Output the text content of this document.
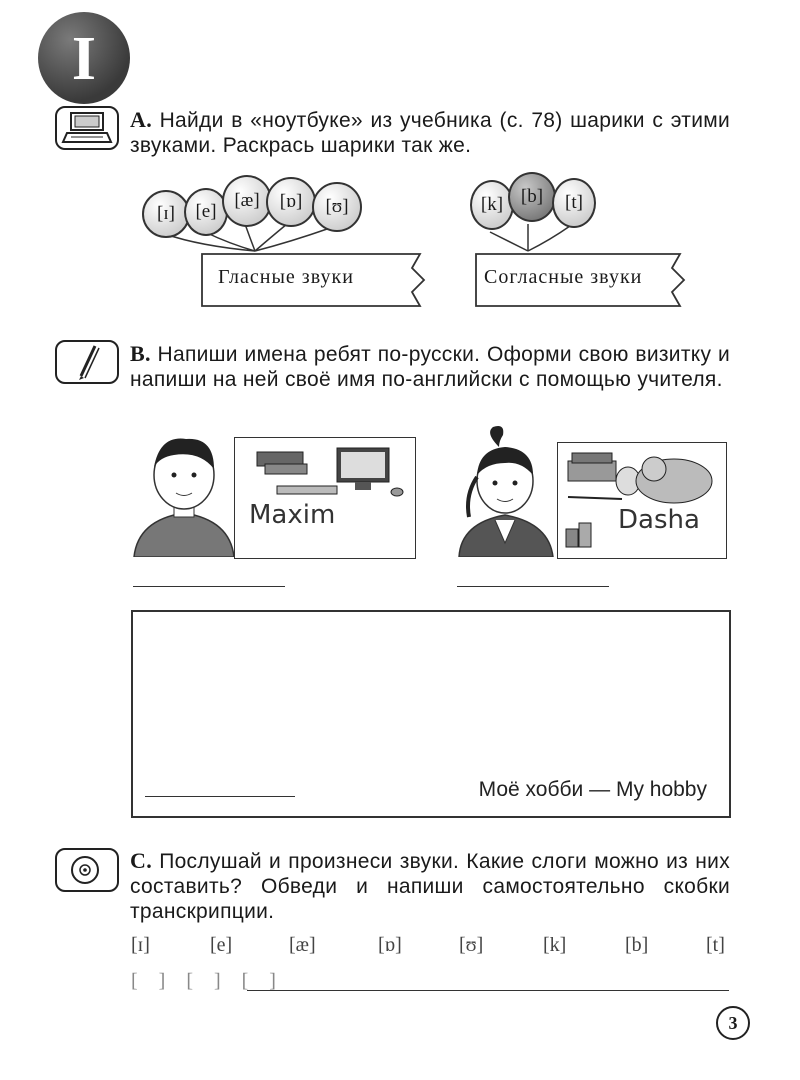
I
A. Найди в «ноутбуке» из учебника (с. 78) шарики с этими звуками. Раскрась шарики так же.
[ɪ]	[e]
[æ]	[ɒ]	[ʊ]
Гласные звуки
[k] [b]	[t]
Согласные звуки
B. Напиши имена ребят по-русски. Оформи свою визитку и напиши на ней своё имя по-английски с помощью учителя.
Maxim	Dasha
Моё хобби — My hobby
C. Послушай и произнеси звуки. Какие слоги можно из них составить? Обведи и напиши самостоятельно скобки транскрипции.
[ɪ]	[e]	[æ]	[ɒ]	[ʊ]	[k]	[b]	[t]
[ ] [ ] [ ]
3
